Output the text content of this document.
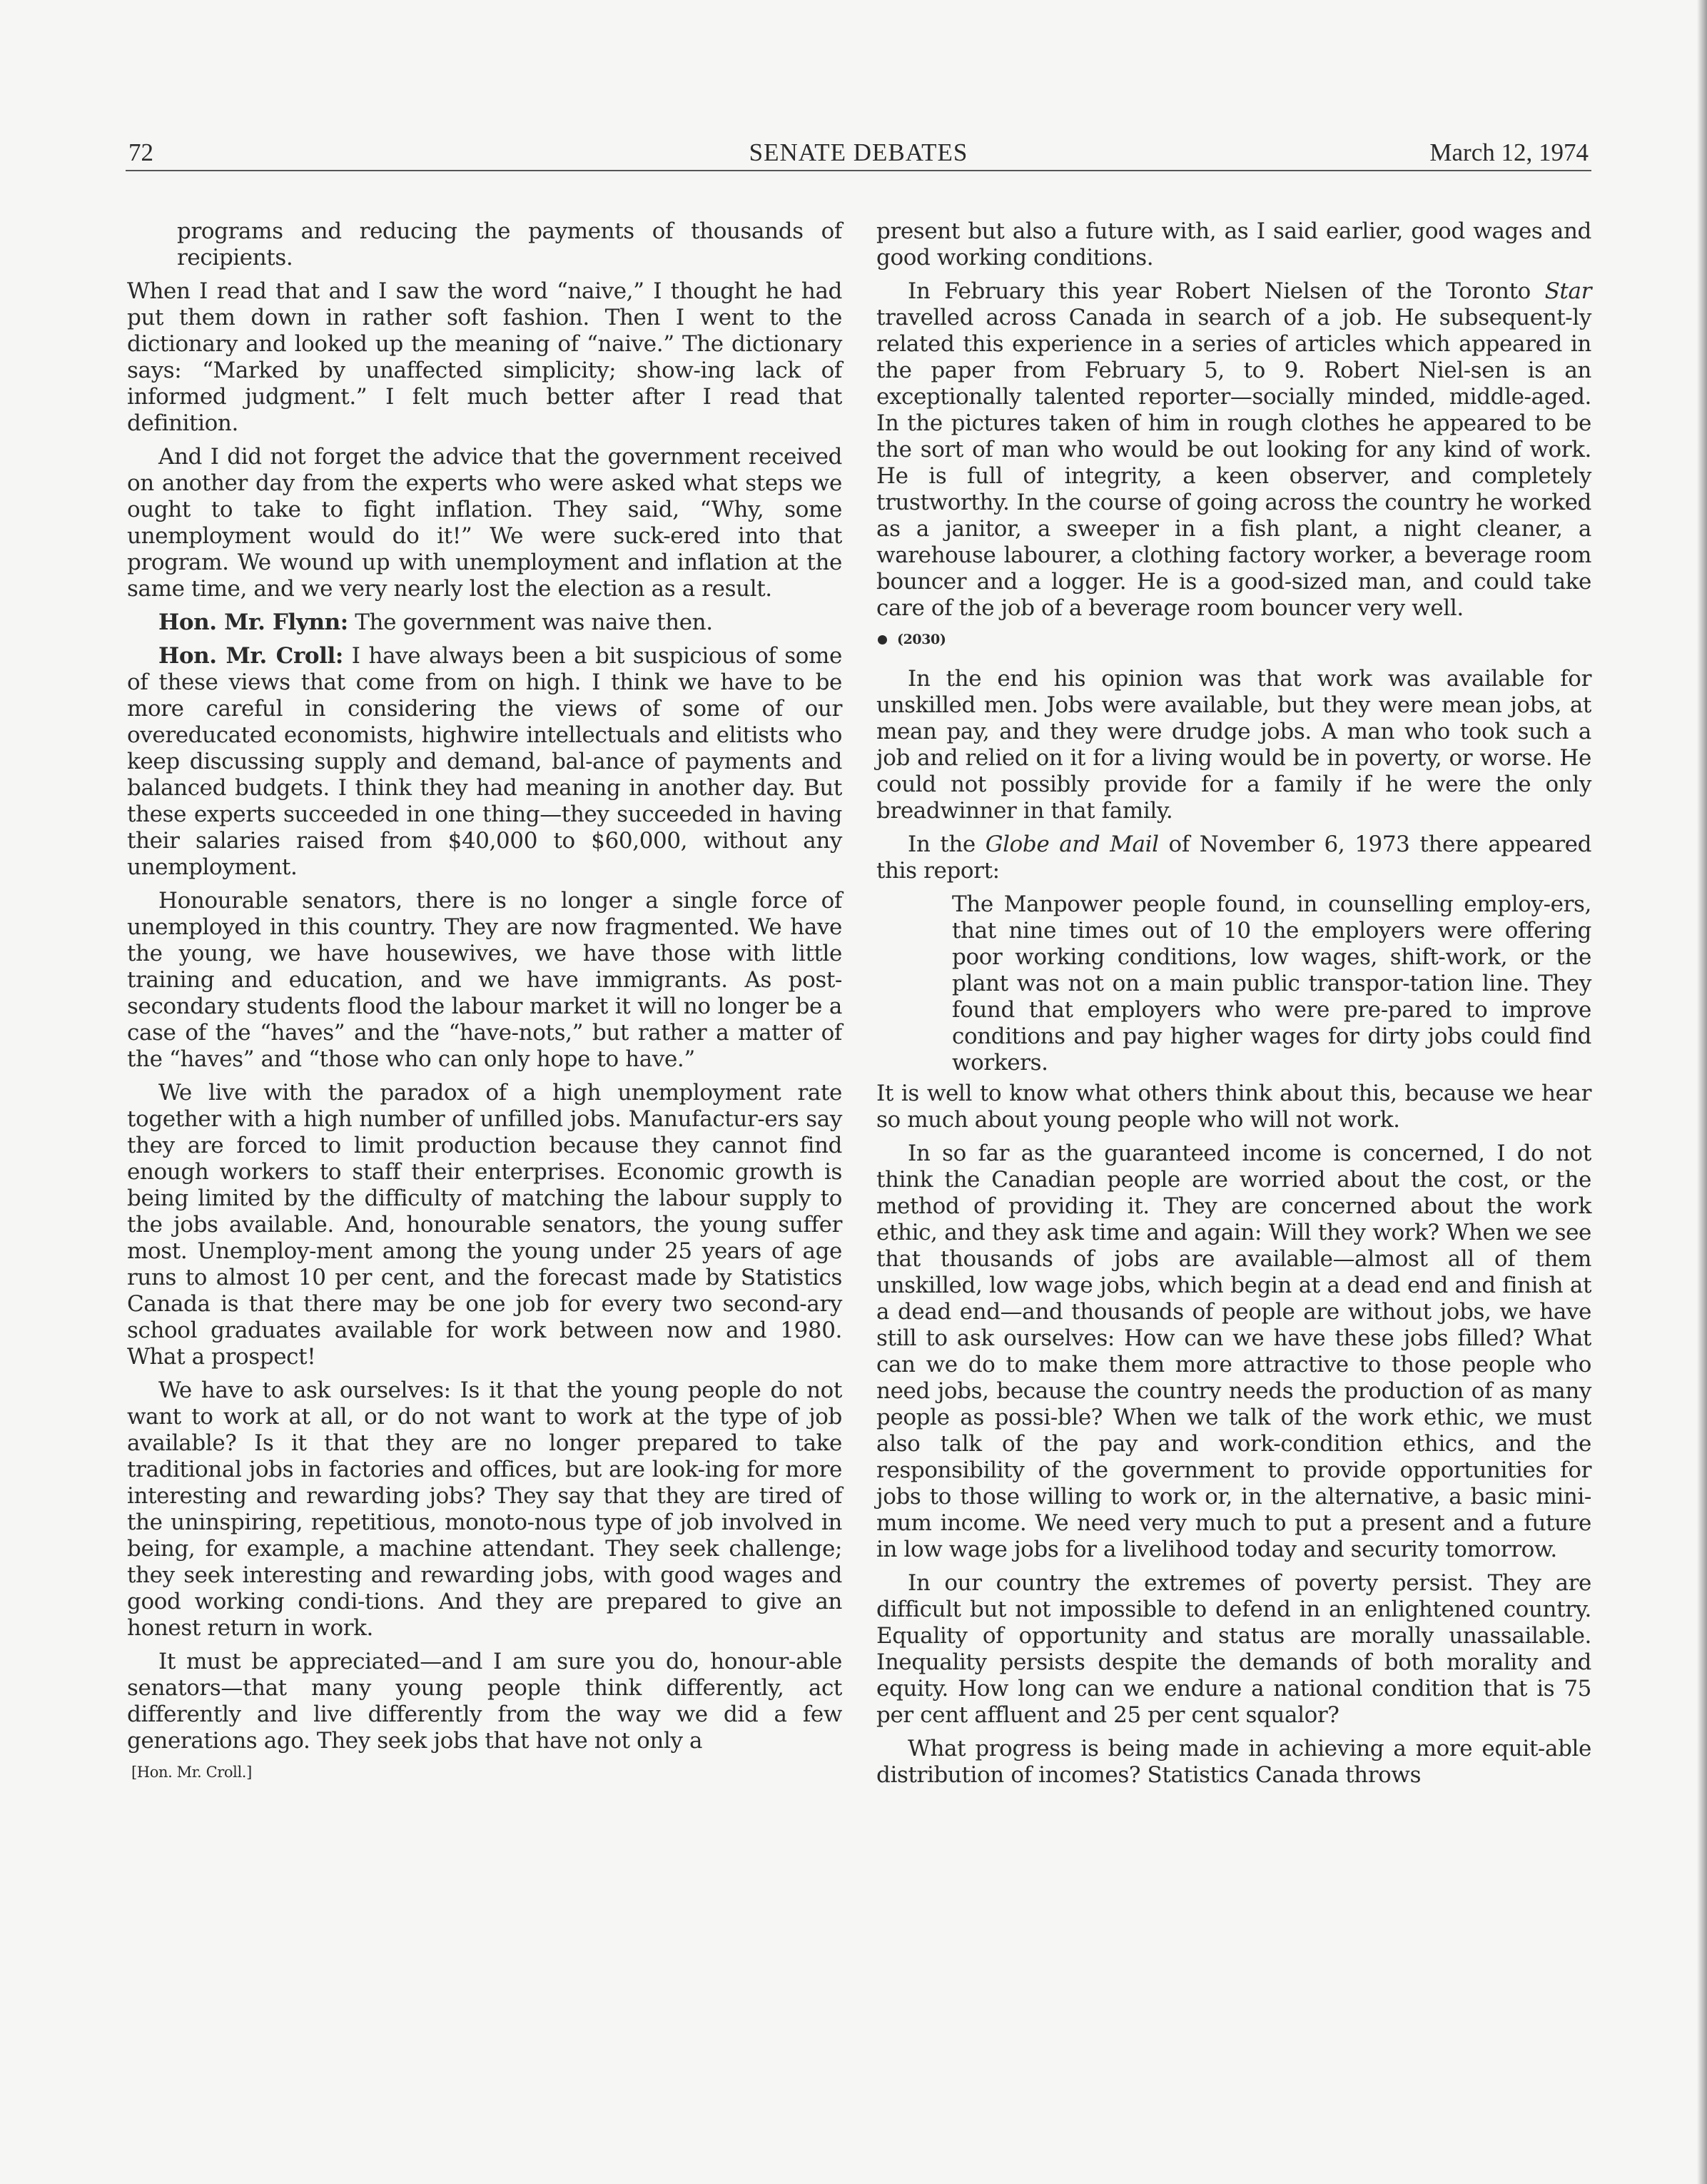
72	SENATE DEBATES	March 12, 1974

programs and reducing the payments of thousands of recipients.

When I read that and I saw the word “naive,” I thought he had put them down in rather soft fashion. Then I went to the dictionary and looked up the meaning of “naive.” The dictionary says: “Marked by unaffected simplicity; show-ing lack of informed judgment.” I felt much better after I read that definition.

And I did not forget the advice that the government received on another day from the experts who were asked what steps we ought to take to fight inflation. They said, “Why, some unemployment would do it!” We were suck-ered into that program. We wound up with unemployment and inflation at the same time, and we very nearly lost the election as a result.

Hon. Mr. Flynn: The government was naive then.

Hon. Mr. Croll: I have always been a bit suspicious of some of these views that come from on high. I think we have to be more careful in considering the views of some of our overeducated economists, highwire intellectuals and elitists who keep discussing supply and demand, bal-ance of payments and balanced budgets. I think they had meaning in another day. But these experts succeeded in one thing—they succeeded in having their salaries raised from $40,000 to $60,000, without any unemployment.

Honourable senators, there is no longer a single force of unemployed in this country. They are now fragmented. We have the young, we have housewives, we have those with little training and education, and we have immigrants. As post-secondary students flood the labour market it will no longer be a case of the “haves” and the “have-nots,” but rather a matter of the “haves” and “those who can only hope to have.”

We live with the paradox of a high unemployment rate together with a high number of unfilled jobs. Manufactur-ers say they are forced to limit production because they cannot find enough workers to staff their enterprises. Economic growth is being limited by the difficulty of matching the labour supply to the jobs available. And, honourable senators, the young suffer most. Unemploy-ment among the young under 25 years of age runs to almost 10 per cent, and the forecast made by Statistics Canada is that there may be one job for every two second-ary school graduates available for work between now and 1980. What a prospect!

We have to ask ourselves: Is it that the young people do not want to work at all, or do not want to work at the type of job available? Is it that they are no longer prepared to take traditional jobs in factories and offices, but are look-ing for more interesting and rewarding jobs? They say that they are tired of the uninspiring, repetitious, monoto-nous type of job involved in being, for example, a machine attendant. They seek challenge; they seek interesting and rewarding jobs, with good wages and good working condi-tions. And they are prepared to give an honest return in work.

It must be appreciated—and I am sure you do, honour-able senators—that many young people think differently, act differently and live differently from the way we did a few generations ago. They seek jobs that have not only a

[Hon. Mr. Croll.]

present but also a future with, as I said earlier, good wages and good working conditions.

In February this year Robert Nielsen of the Toronto Star travelled across Canada in search of a job. He subsequent-ly related this experience in a series of articles which appeared in the paper from February 5, to 9. Robert Niel-sen is an exceptionally talented reporter—socially minded, middle-aged. In the pictures taken of him in rough clothes he appeared to be the sort of man who would be out looking for any kind of work. He is full of integrity, a keen observer, and completely trustworthy. In the course of going across the country he worked as a janitor, a sweeper in a fish plant, a night cleaner, a warehouse labourer, a clothing factory worker, a beverage room bouncer and a logger. He is a good-sized man, and could take care of the job of a beverage room bouncer very well.

(2030)

In the end his opinion was that work was available for unskilled men. Jobs were available, but they were mean jobs, at mean pay, and they were drudge jobs. A man who took such a job and relied on it for a living would be in poverty, or worse. He could not possibly provide for a family if he were the only breadwinner in that family.

In the Globe and Mail of November 6, 1973 there appeared this report:

The Manpower people found, in counselling employ-ers, that nine times out of 10 the employers were offering poor working conditions, low wages, shift-work, or the plant was not on a main public transpor-tation line. They found that employers who were pre-pared to improve conditions and pay higher wages for dirty jobs could find workers.

It is well to know what others think about this, because we hear so much about young people who will not work.

In so far as the guaranteed income is concerned, I do not think the Canadian people are worried about the cost, or the method of providing it. They are concerned about the work ethic, and they ask time and again: Will they work? When we see that thousands of jobs are available—almost all of them unskilled, low wage jobs, which begin at a dead end and finish at a dead end—and thousands of people are without jobs, we have still to ask ourselves: How can we have these jobs filled? What can we do to make them more attractive to those people who need jobs, because the country needs the production of as many people as possi-ble? When we talk of the work ethic, we must also talk of the pay and work-condition ethics, and the responsibility of the government to provide opportunities for jobs to those willing to work or, in the alternative, a basic mini-mum income. We need very much to put a present and a future in low wage jobs for a livelihood today and security tomorrow.

In our country the extremes of poverty persist. They are difficult but not impossible to defend in an enlightened country. Equality of opportunity and status are morally unassailable. Inequality persists despite the demands of both morality and equity. How long can we endure a national condition that is 75 per cent affluent and 25 per cent squalor?

What progress is being made in achieving a more equit-able distribution of incomes? Statistics Canada throws
